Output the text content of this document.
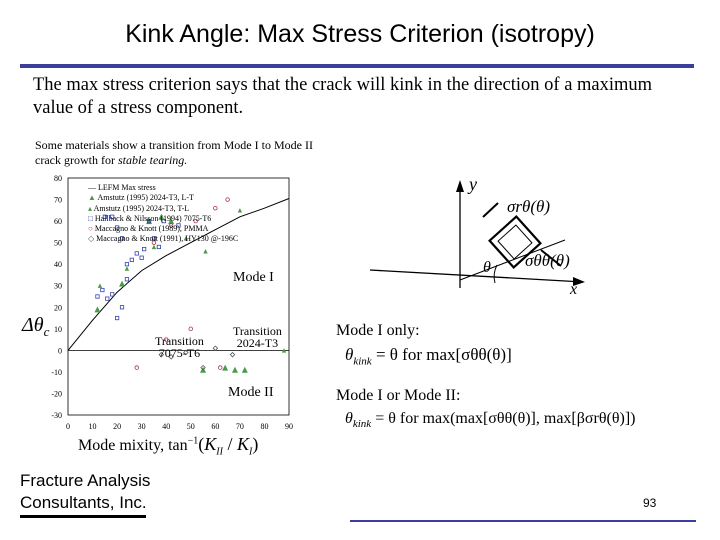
Kink Angle: Max Stress Criterion (isotropy)
The max stress criterion says that the crack will kink in the direction of a maximum value of a stress component.
Some materials show a transition from Mode I to Mode II crack growth for stable tearing.
80
70
60
50
40
30
20
10
0
-10
-20
-30
0 10 20 30 40 50 60 70 80 90
— LEFM Max stress
▲ Amstutz (1995) 2024-T3, L-T
▴ Amstutz (1995) 2024-T3, T-L
□ Hallback & Nilsson (1994) 7075-T6
○ Maccagno & Knott (1989), PMMA
◇ Maccagno & Knott (1991), HY130 @-196C
Mode I
Mode II
Transition
7075-T6
Transition
2024-T3
$\Delta\theta_c$
Mode mixity, $\tan^{-1}(K_{II} / K_I)$
y
x
θ
σrθ(θ)
σθθ(θ)
Mode I only:
$\theta_{kink} = \theta$ for max[σθθ(θ)]
Mode I or Mode II:
$\theta_{kink} = \theta$ for max(max[σθθ(θ)], max[βσrθ(θ)])
Fracture Analysis
Consultants, Inc.	93
